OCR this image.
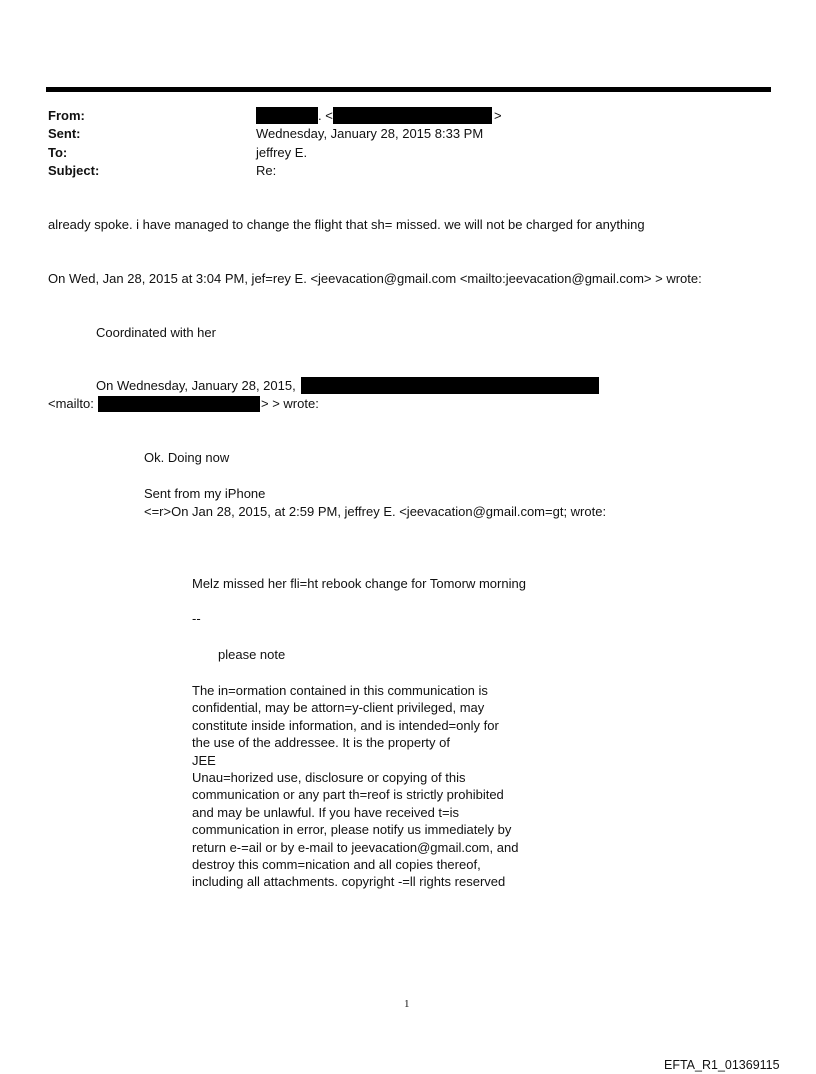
From:	. <	>
Sent:	Wednesday, January 28, 2015 8:33 PM
To:	jeffrey E.
Subject:	Re:
already spoke. i have managed to change the flight that sh= missed. we will not be charged for anything
On Wed, Jan 28, 2015 at 3:04 PM, jef=rey E. <jeevacation@gmail.com <mailto:jeevacation@gmail.com> > wrote:
Coordinated with her
On Wednesday, January 28, 2015,
<mailto:	> > wrote:
Ok. Doing now
Sent from my iPhone
<=r>On Jan 28, 2015, at 2:59 PM, jeffrey E. <jeevacation@gmail.com=gt; wrote:
Melz missed her fli=ht rebook change for Tomorw morning
--
please note
The in=ormation contained in this communication is
confidential, may be attorn=y-client privileged, may
constitute inside information, and is intended=only for
the use of the addressee. It is the property of
JEE
Unau=horized use, disclosure or copying of this
communication or any part th=reof is strictly prohibited
and may be unlawful. If you have received t=is
communication in error, please notify us immediately by
return e-=ail or by e-mail to jeevacation@gmail.com, and
destroy this comm=nication and all copies thereof,
including all attachments. copyright -=ll rights reserved
1
EFTA_R1_01369115
